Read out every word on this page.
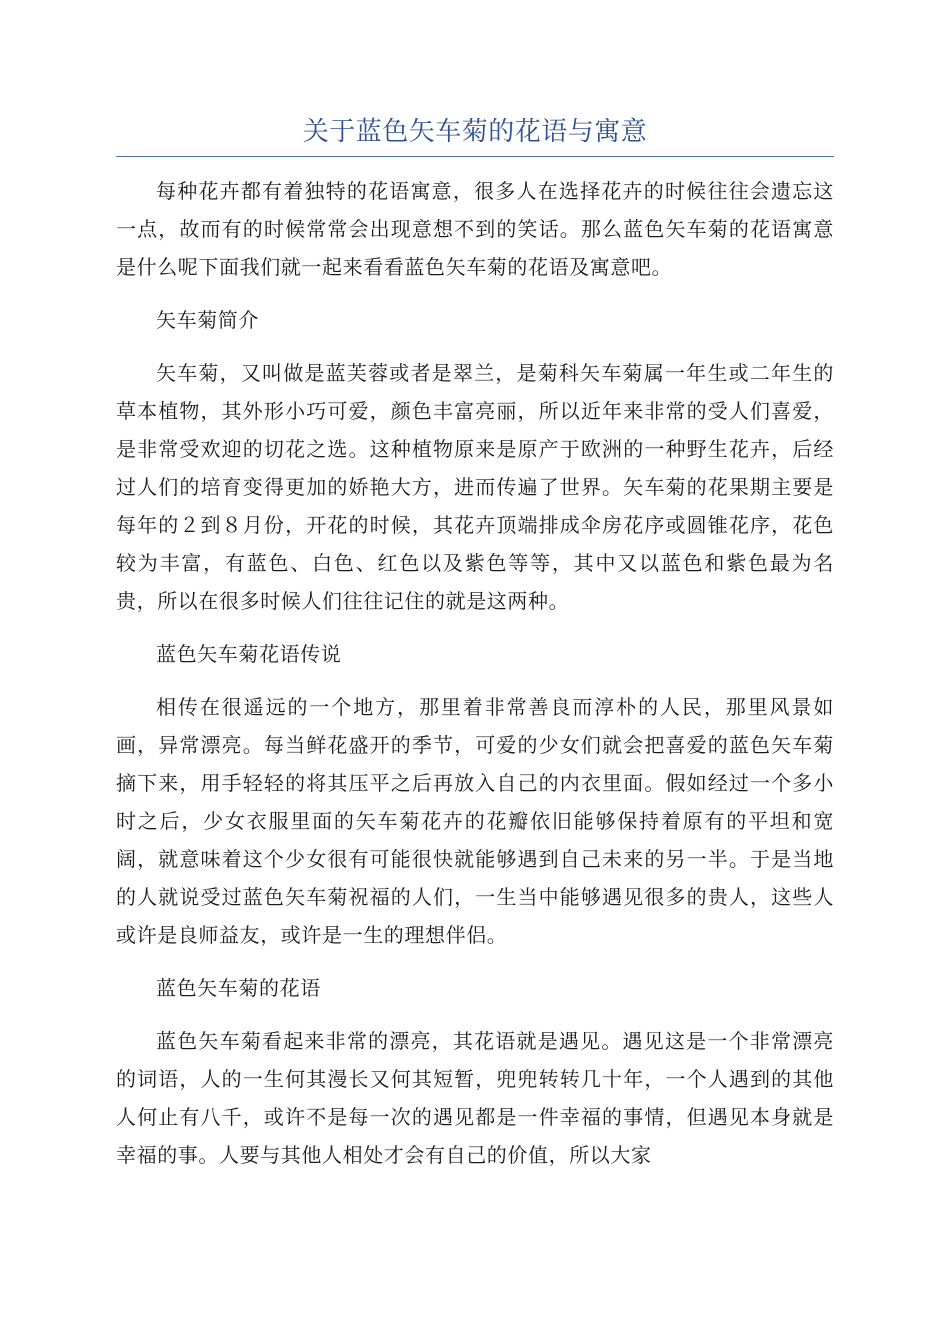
关于蓝色矢车菊的花语与寓意

每种花卉都有着独特的花语寓意，很多人在选择花卉的时候往往会遗忘这一点，故而有的时候常常会出现意想不到的笑话。那么蓝色矢车菊的花语寓意是什么呢下面我们就一起来看看蓝色矢车菊的花语及寓意吧。

矢车菊简介

矢车菊，又叫做是蓝芙蓉或者是翠兰，是菊科矢车菊属一年生或二年生的草本植物，其外形小巧可爱，颜色丰富亮丽，所以近年来非常的受人们喜爱，是非常受欢迎的切花之选。这种植物原来是原产于欧洲的一种野生花卉，后经过人们的培育变得更加的娇艳大方，进而传遍了世界。矢车菊的花果期主要是每年的２到８月份，开花的时候，其花卉顶端排成伞房花序或圆锥花序，花色较为丰富，有蓝色、白色、红色以及紫色等等，其中又以蓝色和紫色最为名贵，所以在很多时候人们往往记住的就是这两种。

蓝色矢车菊花语传说

相传在很遥远的一个地方，那里着非常善良而淳朴的人民，那里风景如画，异常漂亮。每当鲜花盛开的季节，可爱的少女们就会把喜爱的蓝色矢车菊摘下来，用手轻轻的将其压平之后再放入自己的内衣里面。假如经过一个多小时之后，少女衣服里面的矢车菊花卉的花瓣依旧能够保持着原有的平坦和宽阔，就意味着这个少女很有可能很快就能够遇到自己未来的另一半。于是当地的人就说受过蓝色矢车菊祝福的人们，一生当中能够遇见很多的贵人，这些人或许是良师益友，或许是一生的理想伴侣。

蓝色矢车菊的花语

蓝色矢车菊看起来非常的漂亮，其花语就是遇见。遇见这是一个非常漂亮的词语，人的一生何其漫长又何其短暂，兜兜转转几十年，一个人遇到的其他人何止有八千，或许不是每一次的遇见都是一件幸福的事情，但遇见本身就是幸福的事。人要与其他人相处才会有自己的价值，所以大家
